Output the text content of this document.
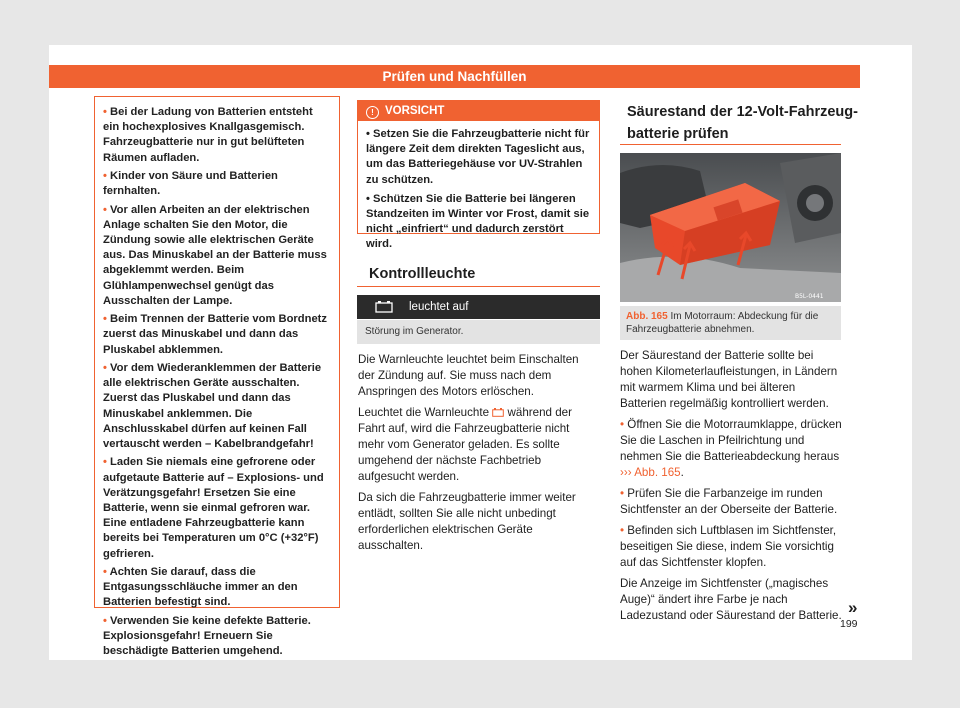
Prüfen und Nachfüllen

• Bei der Ladung von Batterien entsteht ein hochexplosives Knallgasgemisch. Fahrzeugbatterie nur in gut belüfteten Räumen aufladen.

• Kinder von Säure und Batterien fernhalten.

• Vor allen Arbeiten an der elektrischen Anlage schalten Sie den Motor, die Zündung sowie alle elektrischen Geräte aus. Das Minuskabel an der Batterie muss abgeklemmt werden. Beim Glühlampenwechsel genügt das Ausschalten der Lampe.

• Beim Trennen der Batterie vom Bordnetz zuerst das Minuskabel und dann das Pluskabel abklemmen.

• Vor dem Wiederanklemmen der Batterie alle elektrischen Geräte ausschalten. Zuerst das Pluskabel und dann das Minuskabel anklemmen. Die Anschlusskabel dürfen auf keinen Fall vertauscht werden – Kabelbrandgefahr!

• Laden Sie niemals eine gefrorene oder aufgetaute Batterie auf – Explosions- und Verätzungsgefahr! Ersetzen Sie eine Batterie, wenn sie einmal gefroren war. Eine entladene Fahrzeugbatterie kann bereits bei Temperaturen um 0°C (+32°F) gefrieren.

• Achten Sie darauf, dass die Entgasungsschläuche immer an den Batterien befestigt sind.

• Verwenden Sie keine defekte Batterie. Explosionsgefahr! Erneuern Sie beschädigte Batterien umgehend.

! VORSICHT

• Setzen Sie die Fahrzeugbatterie nicht für längere Zeit dem direkten Tageslicht aus, um das Batteriegehäuse vor UV-Strahlen zu schützen.

• Schützen Sie die Batterie bei längeren Standzeiten im Winter vor Frost, damit sie nicht „einfriert“ und dadurch zerstört wird.

Kontrollleuchte
leuchtet auf
Störung im Generator.

Die Warnleuchte leuchtet beim Einschalten der Zündung auf. Sie muss nach dem Anspringen des Motors erlöschen.

Leuchtet die Warnleuchte während der Fahrt auf, wird die Fahrzeugbatterie nicht mehr vom Generator geladen. Es sollte umgehend der nächste Fachbetrieb aufgesucht werden.

Da sich die Fahrzeugbatterie immer weiter entlädt, sollten Sie alle nicht unbedingt erforderlichen elektrischen Geräte ausschalten.

Säurestand der 12-Volt-Fahrzeug-
batterie prüfen
B5L-0441
Abb. 165 Im Motorraum: Abdeckung für die Fahrzeugbatterie abnehmen.

Der Säurestand der Batterie sollte bei hohen Kilometerlaufleistungen, in Ländern mit warmem Klima und bei älteren Batterien regelmäßig kontrolliert werden.

• Öffnen Sie die Motorraumklappe, drücken Sie die Laschen in Pfeilrichtung und nehmen Sie die Batterieabdeckung heraus ››› Abb. 165.

• Prüfen Sie die Farbanzeige im runden Sichtfenster an der Oberseite der Batterie.

• Befinden sich Luftblasen im Sichtfenster, beseitigen Sie diese, indem Sie vorsichtig auf das Sichtfenster klopfen.

Die Anzeige im Sichtfenster („magisches Auge)“ ändert ihre Farbe je nach Ladezustand oder Säurestand der Batterie. »
199
